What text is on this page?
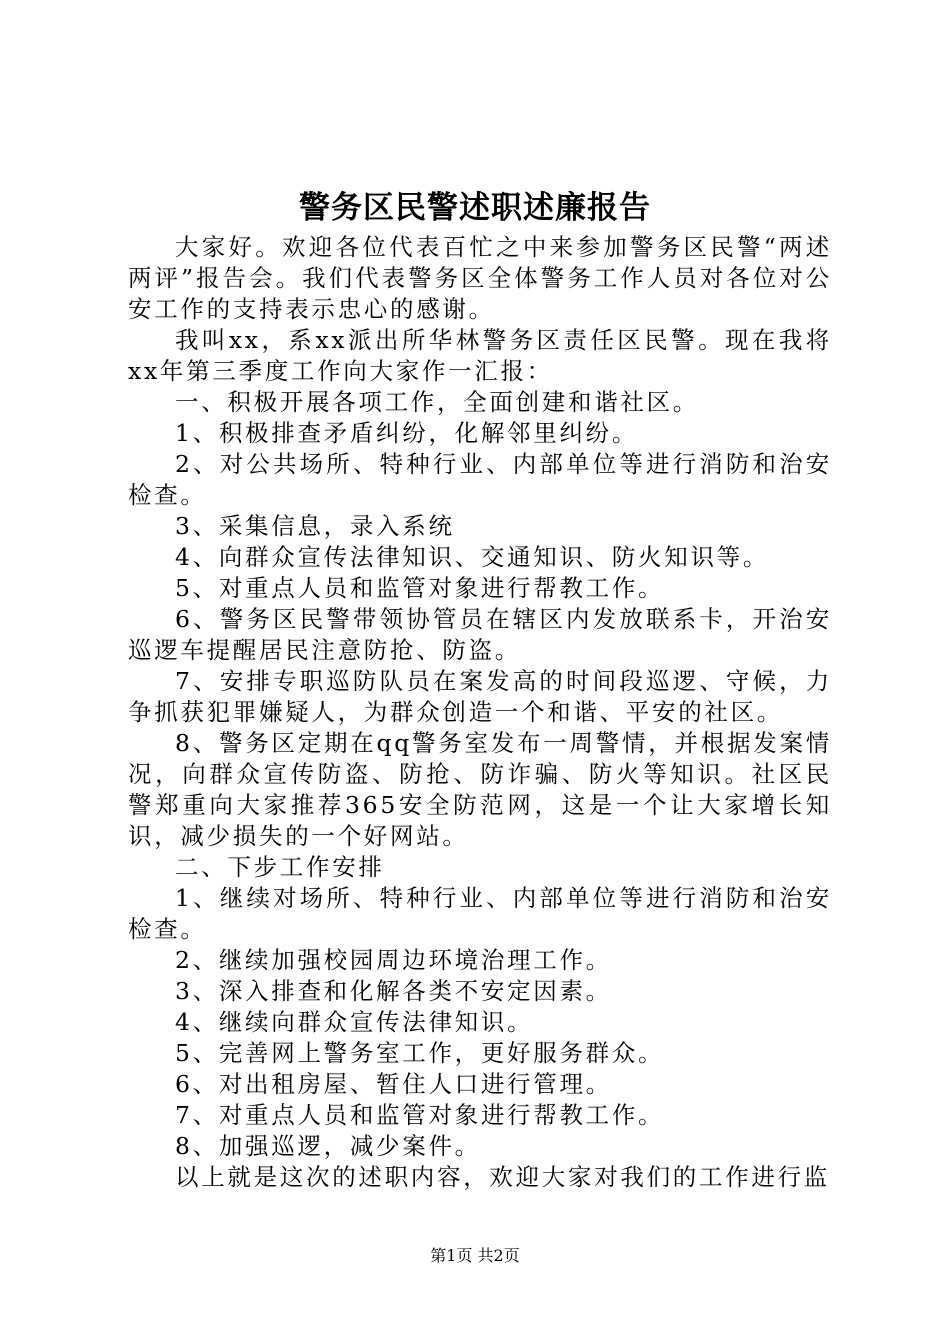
警务区民警述职述廉报告

大家好。欢迎各位代表百忙之中来参加警务区民警“两述两评”报告会。我们代表警务区全体警务工作人员对各位对公安工作的支持表示忠心的感谢。

我叫xx，系xx派出所华林警务区责任区民警。现在我将xx年第三季度工作向大家作一汇报：

一、积极开展各项工作，全面创建和谐社区。

1、积极排查矛盾纠纷，化解邻里纠纷。

2、对公共场所、特种行业、内部单位等进行消防和治安检查。

3、采集信息，录入系统

4、向群众宣传法律知识、交通知识、防火知识等。

5、对重点人员和监管对象进行帮教工作。

6、警务区民警带领协管员在辖区内发放联系卡，开治安巡逻车提醒居民注意防抢、防盗。

7、安排专职巡防队员在案发高的时间段巡逻、守候，力争抓获犯罪嫌疑人，为群众创造一个和谐、平安的社区。

8、警务区定期在qq警务室发布一周警情，并根据发案情况，向群众宣传防盗、防抢、防诈骗、防火等知识。社区民警郑重向大家推荐365安全防范网，这是一个让大家增长知识，减少损失的一个好网站。

二、下步工作安排

1、继续对场所、特种行业、内部单位等进行消防和治安检查。

2、继续加强校园周边环境治理工作。

3、深入排查和化解各类不安定因素。

4、继续向群众宣传法律知识。

5、完善网上警务室工作，更好服务群众。

6、对出租房屋、暂住人口进行管理。

7、对重点人员和监管对象进行帮教工作。

8、加强巡逻，减少案件。

以上就是这次的述职内容，欢迎大家对我们的工作进行监

第1页 共2页
